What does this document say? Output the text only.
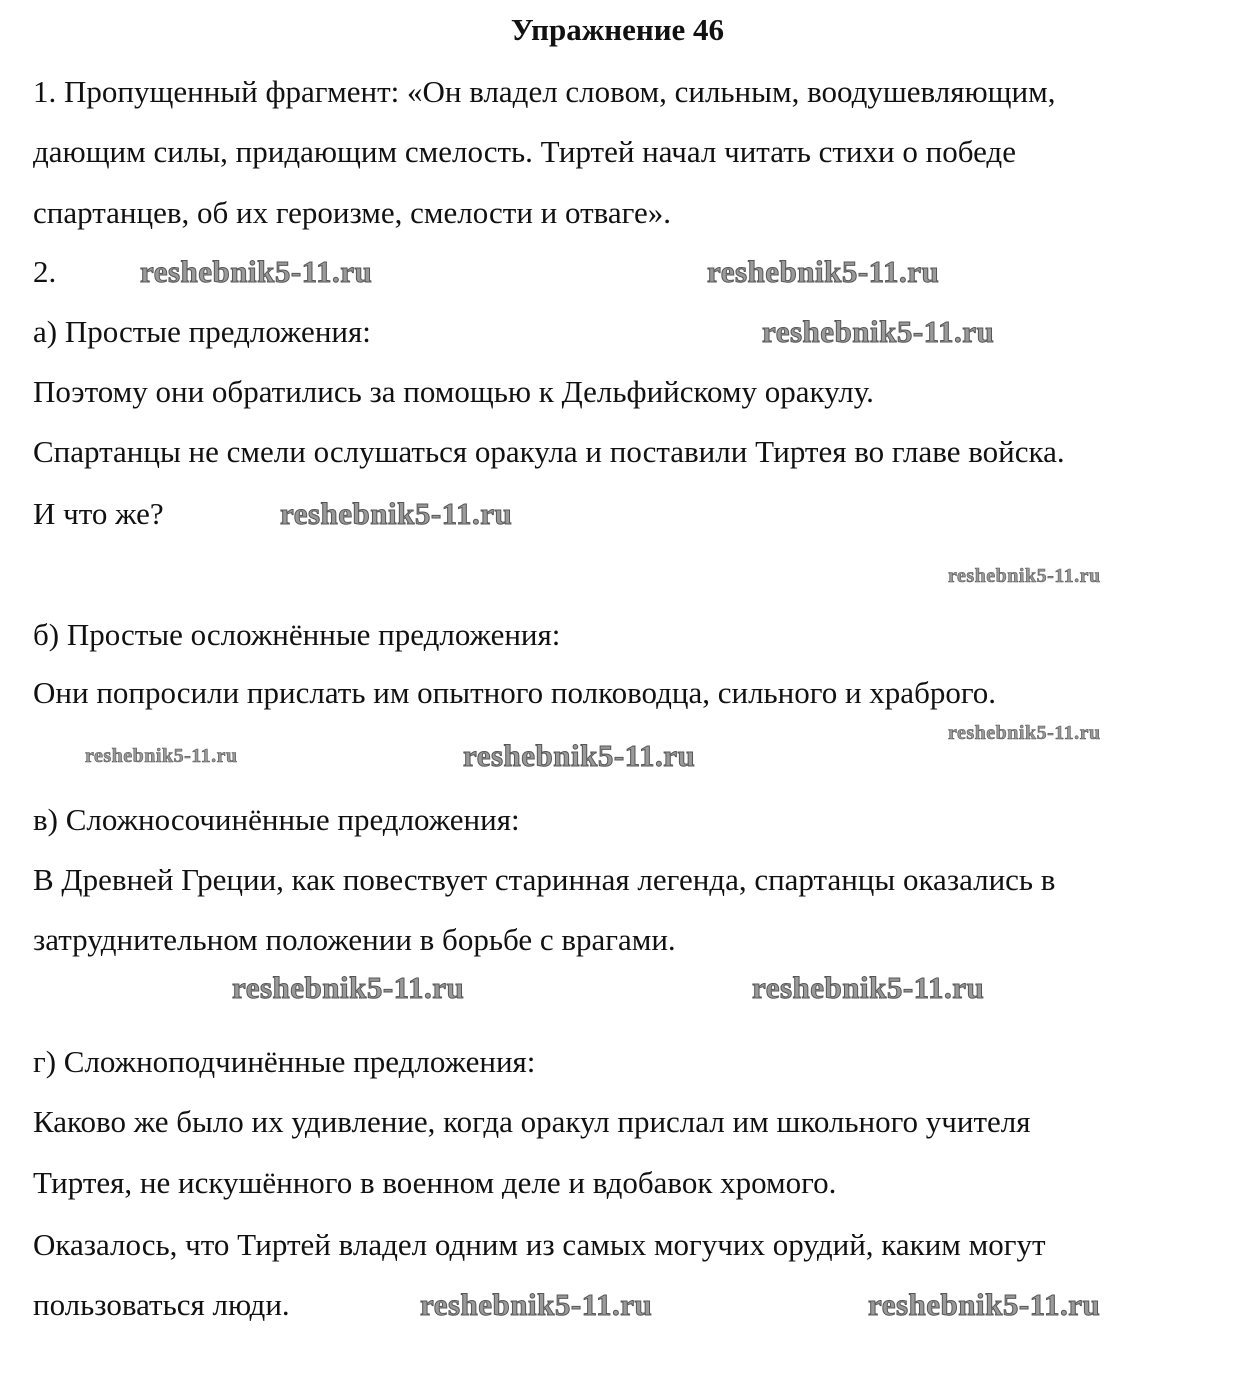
Упражнение 46
1. Пропущенный фрагмент: «Он владел словом, сильным, воодушевляющим,
дающим силы, придающим смелость. Тиртей начал читать стихи о победе
спартанцев, об их героизме, смелости и отваге».
2.
а) Простые предложения:
Поэтому они обратились за помощью к Дельфийскому оракулу.
Спартанцы не смели ослушаться оракула и поставили Тиртея во главе войска.
И что же?
б) Простые осложнённые предложения:
Они попросили прислать им опытного полководца, сильного и храброго.
в) Сложносочинённые предложения:
В Древней Греции, как повествует старинная легенда, спартанцы оказались в
затруднительном положении в борьбе с врагами.
г) Сложноподчинённые предложения:
Каково же было их удивление, когда оракул прислал им школьного учителя
Тиртея, не искушённого в военном деле и вдобавок хромого.
Оказалось, что Тиртей владел одним из самых могучих орудий, каким могут
пользоваться люди.
reshebnik5-11.ru	reshebnik5-11.ru
reshebnik5-11.ru
reshebnik5-11.ru
reshebnik5-11.ru
reshebnik5-11.ru
reshebnik5-11.ru
reshebnik5-11.ru
reshebnik5-11.ru	reshebnik5-11.ru
reshebnik5-11.ru	reshebnik5-11.ru
